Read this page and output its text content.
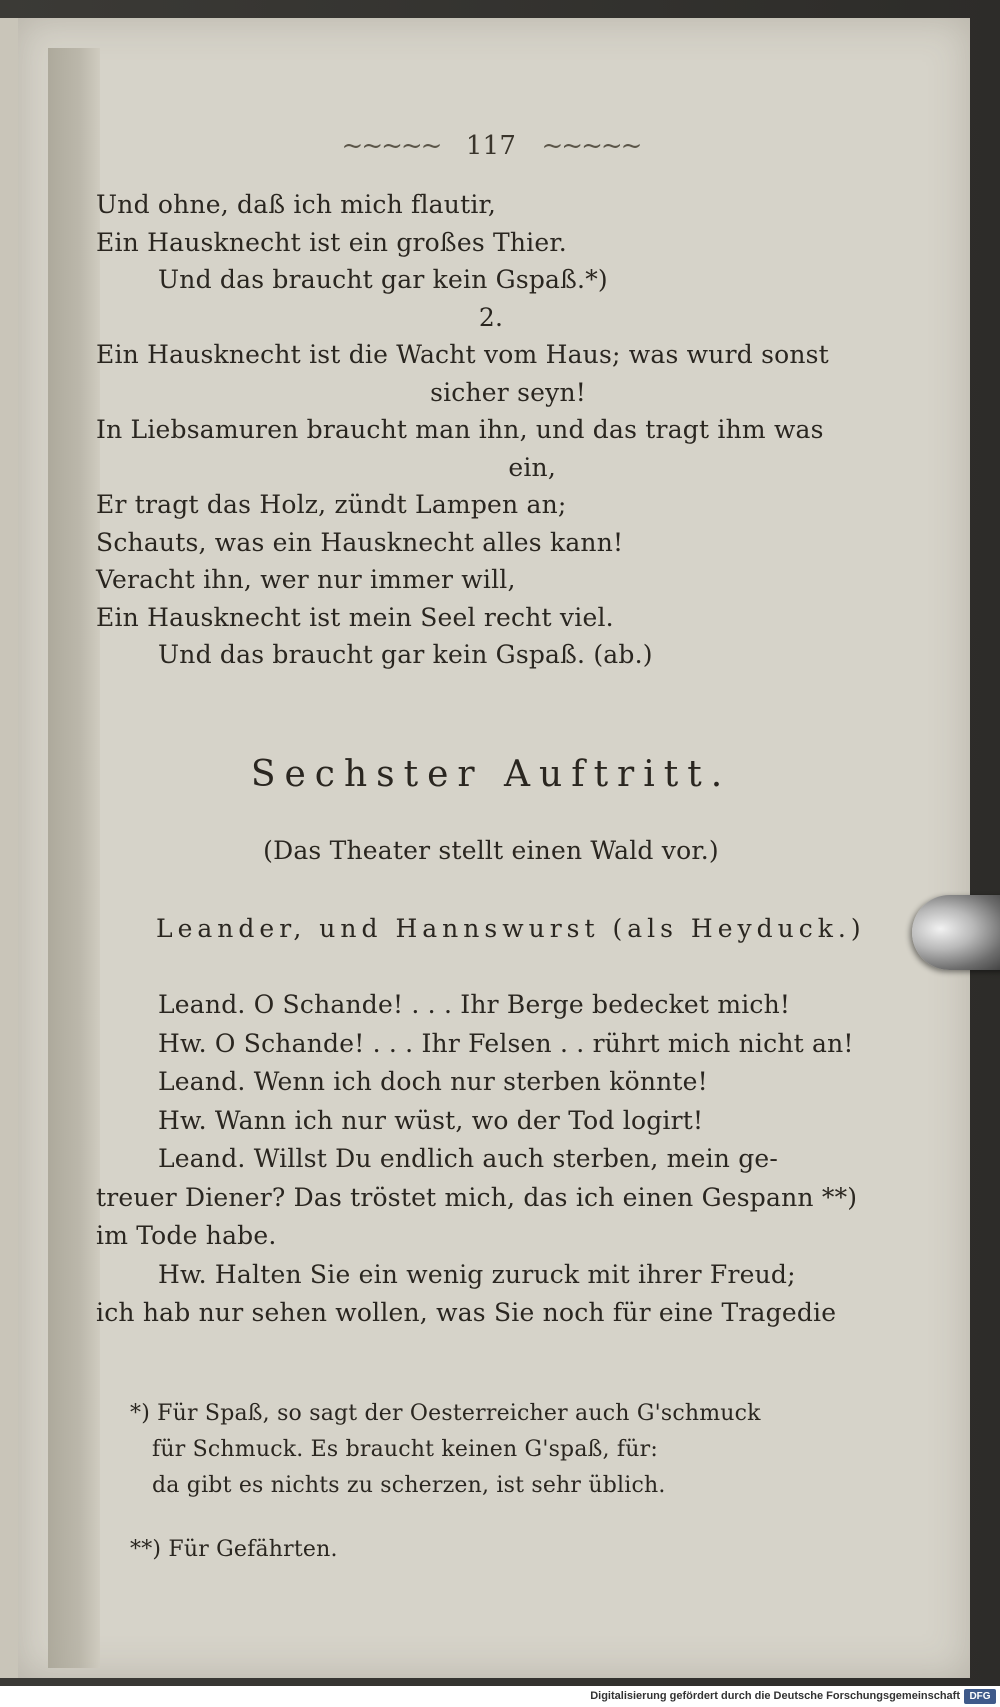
~~~~~ 117 ~~~~~
Und ohne, daß ich mich flautir,
Ein Hausknecht ist ein großes Thier.
Und das braucht gar kein Gspaß.*)
2.
Ein Hausknecht ist die Wacht vom Haus; was wurd sonst
sicher seyn!
In Liebsamuren braucht man ihn, und das tragt ihm was
ein,
Er tragt das Holz, zündt Lampen an;
Schauts, was ein Hausknecht alles kann!
Veracht ihn, wer nur immer will,
Ein Hausknecht ist mein Seel recht viel.
Und das braucht gar kein Gspaß. (ab.)
Sechster Auftritt.
(Das Theater stellt einen Wald vor.)
Leander, und Hannswurst (als Heyduck.)
Leand. O Schande! . . . Ihr Berge bedecket mich!
Hw. O Schande! . . . Ihr Felsen . . rührt mich nicht an!
Leand. Wenn ich doch nur sterben könnte!
Hw. Wann ich nur wüst, wo der Tod logirt!
Leand. Willst Du endlich auch sterben, mein ge-
treuer Diener? Das tröstet mich, das ich einen Gespann **)
im Tode habe.
Hw. Halten Sie ein wenig zuruck mit ihrer Freud;
ich hab nur sehen wollen, was Sie noch für eine Tragedie
*) Für Spaß, so sagt der Oesterreicher auch G'schmuck
für Schmuck. Es braucht keinen G'spaß, für:
da gibt es nichts zu scherzen, ist sehr üblich.
**) Für Gefährten.
Digitalisierung gefördert durch die Deutsche Forschungsgemeinschaft DFG
